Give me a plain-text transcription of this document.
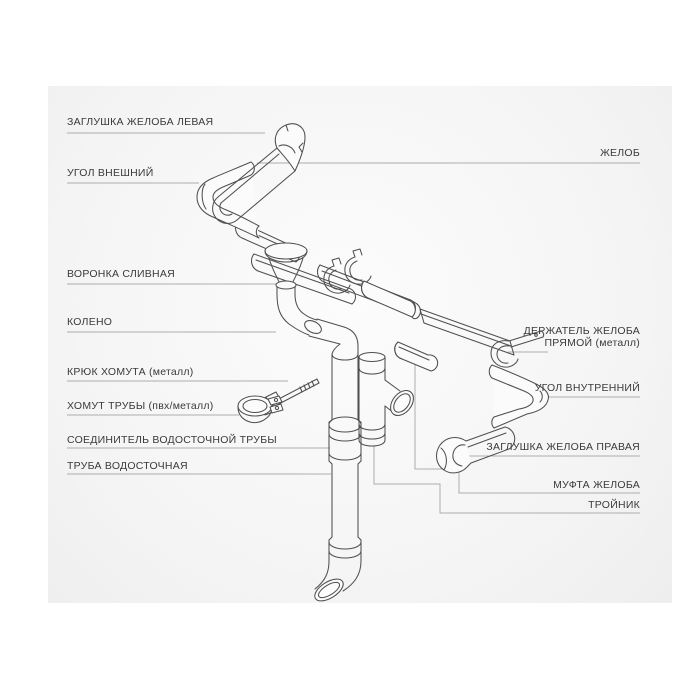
ЗАГЛУШКА ЖЕЛОБА ЛЕВАЯ
УГОЛ ВНЕШНИЙ
ВОРОНКА СЛИВНАЯ
КОЛЕНО
КРЮК ХОМУТА (металл)
ХОМУТ ТРУБЫ (пвх/металл)
СОЕДИНИТЕЛЬ ВОДОСТОЧНОЙ ТРУБЫ
ТРУБА ВОДОСТОЧНАЯ
ЖЕЛОБ
ДЕРЖАТЕЛЬ ЖЕЛОБА
ПРЯМОЙ (металл)
УГОЛ ВНУТРЕННИЙ
ЗАГЛУШКА ЖЕЛОБА ПРАВАЯ
МУФТА ЖЕЛОБА
ТРОЙНИК
